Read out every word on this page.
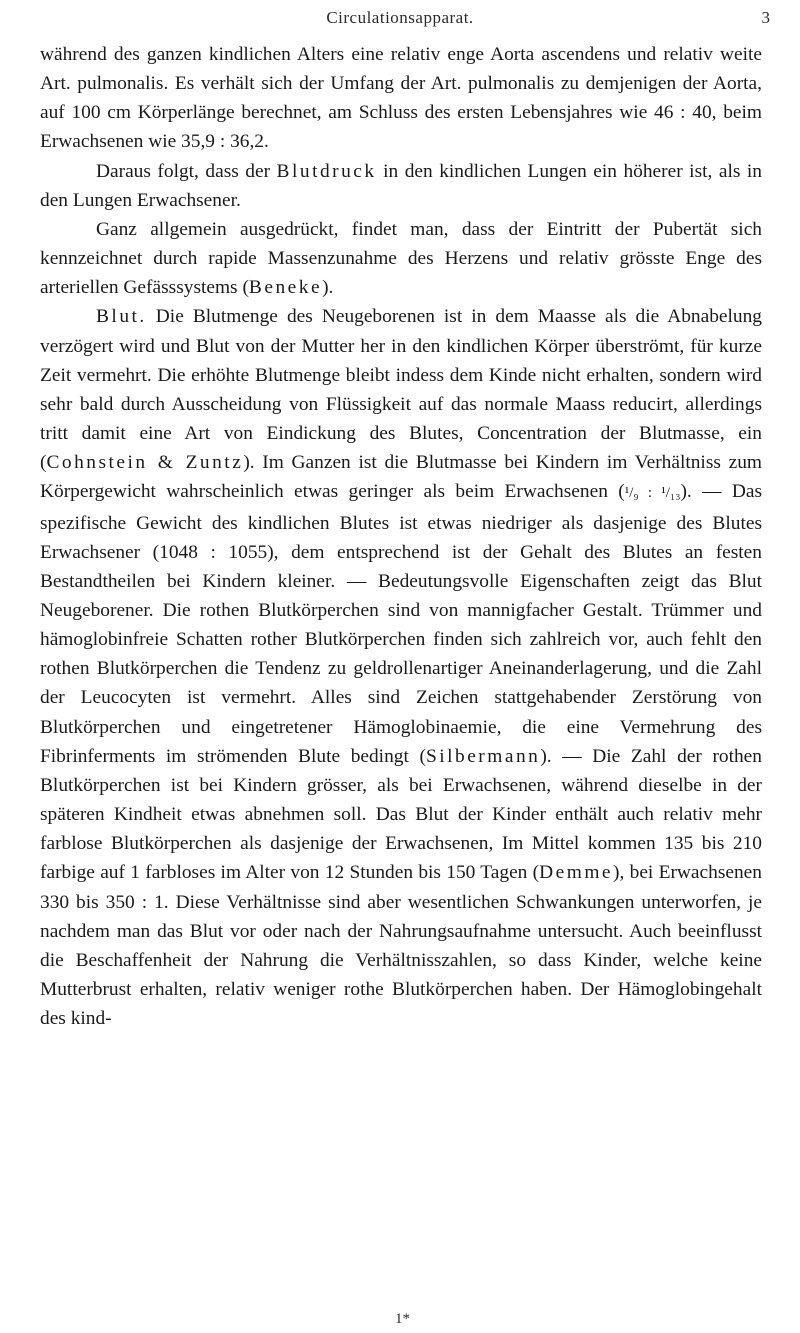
Circulationsapparat.	3

während des ganzen kindlichen Alters eine relativ enge Aorta ascendens und relativ weite Art. pulmonalis. Es verhält sich der Umfang der Art. pulmonalis zu demjenigen der Aorta, auf 100 cm Körperlänge berechnet, am Schluss des ersten Lebensjahres wie 46 : 40, beim Erwachsenen wie 35,9 : 36,2.

Daraus folgt, dass der Blutdruck in den kindlichen Lungen ein höherer ist, als in den Lungen Erwachsener.

Ganz allgemein ausgedrückt, findet man, dass der Eintritt der Pubertät sich kennzeichnet durch rapide Massenzunahme des Herzens und relativ grösste Enge des arteriellen Gefässsystems (Beneke).

Blut. Die Blutmenge des Neugeborenen ist in dem Maasse als die Abnabelung verzögert wird und Blut von der Mutter her in den kindlichen Körper überströmt, für kurze Zeit vermehrt. Die erhöhte Blutmenge bleibt indess dem Kinde nicht erhalten, sondern wird sehr bald durch Ausscheidung von Flüssigkeit auf das normale Maass reducirt, allerdings tritt damit eine Art von Eindickung des Blutes, Concentration der Blutmasse, ein (Cohnstein & Zuntz). Im Ganzen ist die Blutmasse bei Kindern im Verhältniss zum Körpergewicht wahrscheinlich etwas geringer als beim Erwachsenen (¹/₉ : ¹/₁₃). — Das spezifische Gewicht des kindlichen Blutes ist etwas niedriger als dasjenige des Blutes Erwachsener (1048 : 1055), dem entsprechend ist der Gehalt des Blutes an festen Bestandtheilen bei Kindern kleiner. — Bedeutungsvolle Eigenschaften zeigt das Blut Neugeborener. Die rothen Blutkörperchen sind von mannigfacher Gestalt. Trümmer und hämoglobinfreie Schatten rother Blutkörperchen finden sich zahlreich vor, auch fehlt den rothen Blutkörperchen die Tendenz zu geldrollenartiger Aneinanderlagerung, und die Zahl der Leucocyten ist vermehrt. Alles sind Zeichen stattgehabender Zerstörung von Blutkörperchen und eingetretener Hämoglobinaemie, die eine Vermehrung des Fibrinferments im strömenden Blute bedingt (Silbermann). — Die Zahl der rothen Blutkörperchen ist bei Kindern grösser, als bei Erwachsenen, während dieselbe in der späteren Kindheit etwas abnehmen soll. Das Blut der Kinder enthält auch relativ mehr farblose Blutkörperchen als dasjenige der Erwachsenen, Im Mittel kommen 135 bis 210 farbige auf 1 farbloses im Alter von 12 Stunden bis 150 Tagen (Demme), bei Erwachsenen 330 bis 350 : 1. Diese Verhältnisse sind aber wesentlichen Schwankungen unterworfen, je nachdem man das Blut vor oder nach der Nahrungsaufnahme untersucht. Auch beeinflusst die Beschaffenheit der Nahrung die Verhältnisszahlen, so dass Kinder, welche keine Mutterbrust erhalten, relativ weniger rothe Blutkörperchen haben. Der Hämoglobingehalt des kind-

1*
